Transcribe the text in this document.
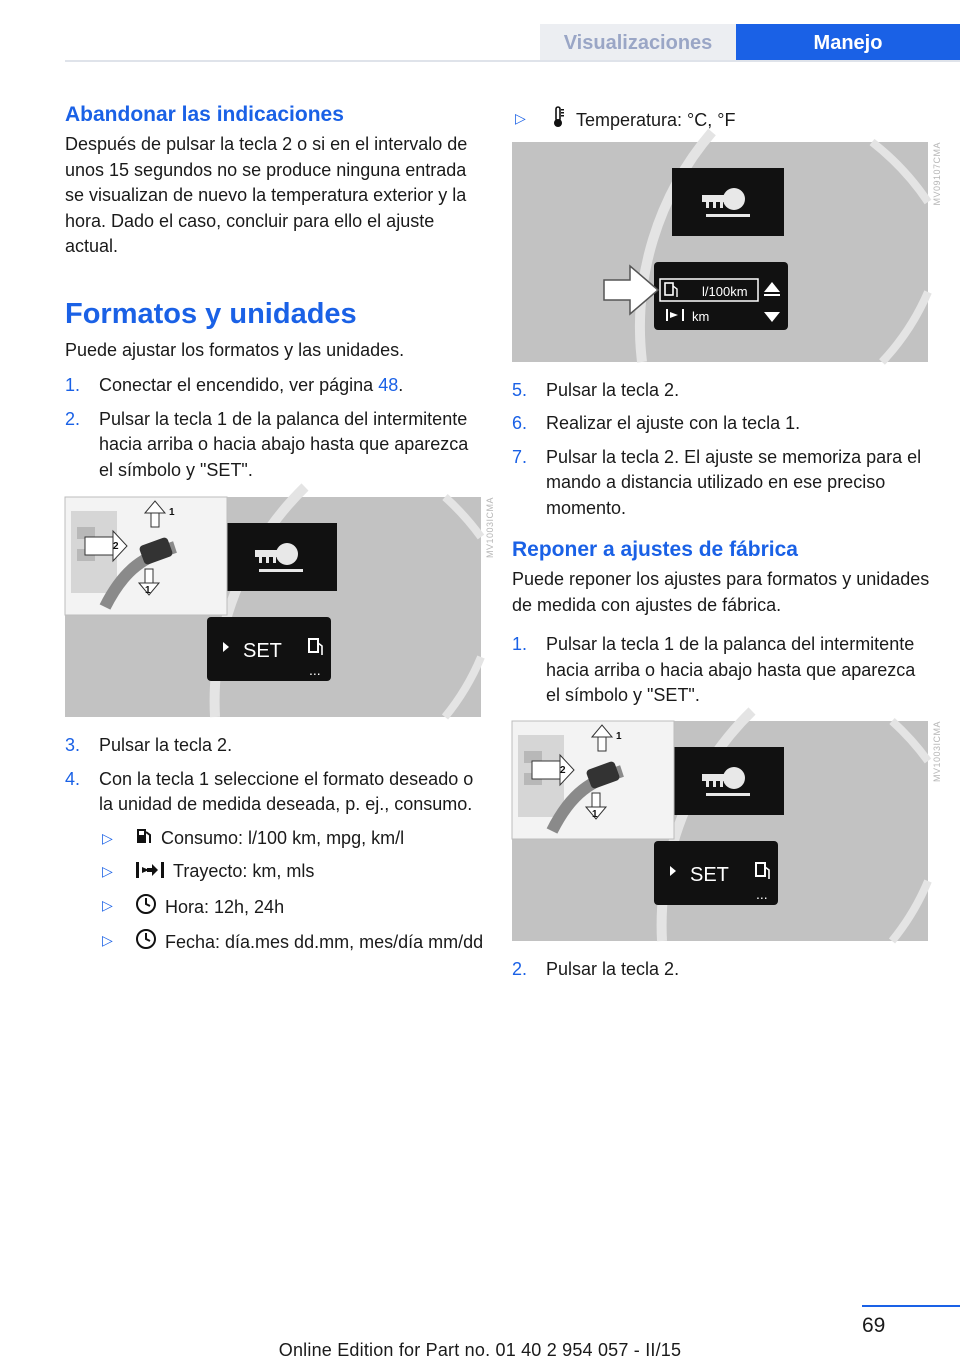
Visualizaciones	Manejo
Abandonar las indicaciones

Después de pulsar la tecla 2 o si en el intervalo de unos 15 segundos no se produce ninguna entrada se visualizan de nuevo la temperatura exterior y la hora. Dado el caso, concluir para ello el ajuste actual.

Formatos y unidades

Puede ajustar los formatos y las unidades.

1. Conectar el encendido, ver página 48.
2. Pulsar la tecla 1 de la palanca del intermitente hacia arriba o hacia abajo hasta que aparezca el símbolo y "SET".
SET
...
1
2
1
MV1003ICMA
3. Pulsar la tecla 2.
4. Con la tecla 1 seleccione el formato deseado o la unidad de medida deseada, p. ej., consumo.
▷	Consumo: l/100 km, mpg, km/l
▷	Trayecto: km, mls
▷	Hora: 12h, 24h
▷	Fecha: día.mes dd.mm, mes/día mm/dd
▷	Temperatura: °C, °F
l/100km
km
MV09107CMA
5. Pulsar la tecla 2.
6. Realizar el ajuste con la tecla 1.
7. Pulsar la tecla 2. El ajuste se memoriza para el mando a distancia utilizado en ese preciso momento.
Reponer a ajustes de fábrica

Puede reponer los ajustes para formatos y unidades de medida con ajustes de fábrica.

1. Pulsar la tecla 1 de la palanca del intermitente hacia arriba o hacia abajo hasta que aparezca el símbolo y "SET".
SET
...
1
2
1
MV1003ICMA
2. Pulsar la tecla 2.
69
Online Edition for Part no. 01 40 2 954 057 - II/15
